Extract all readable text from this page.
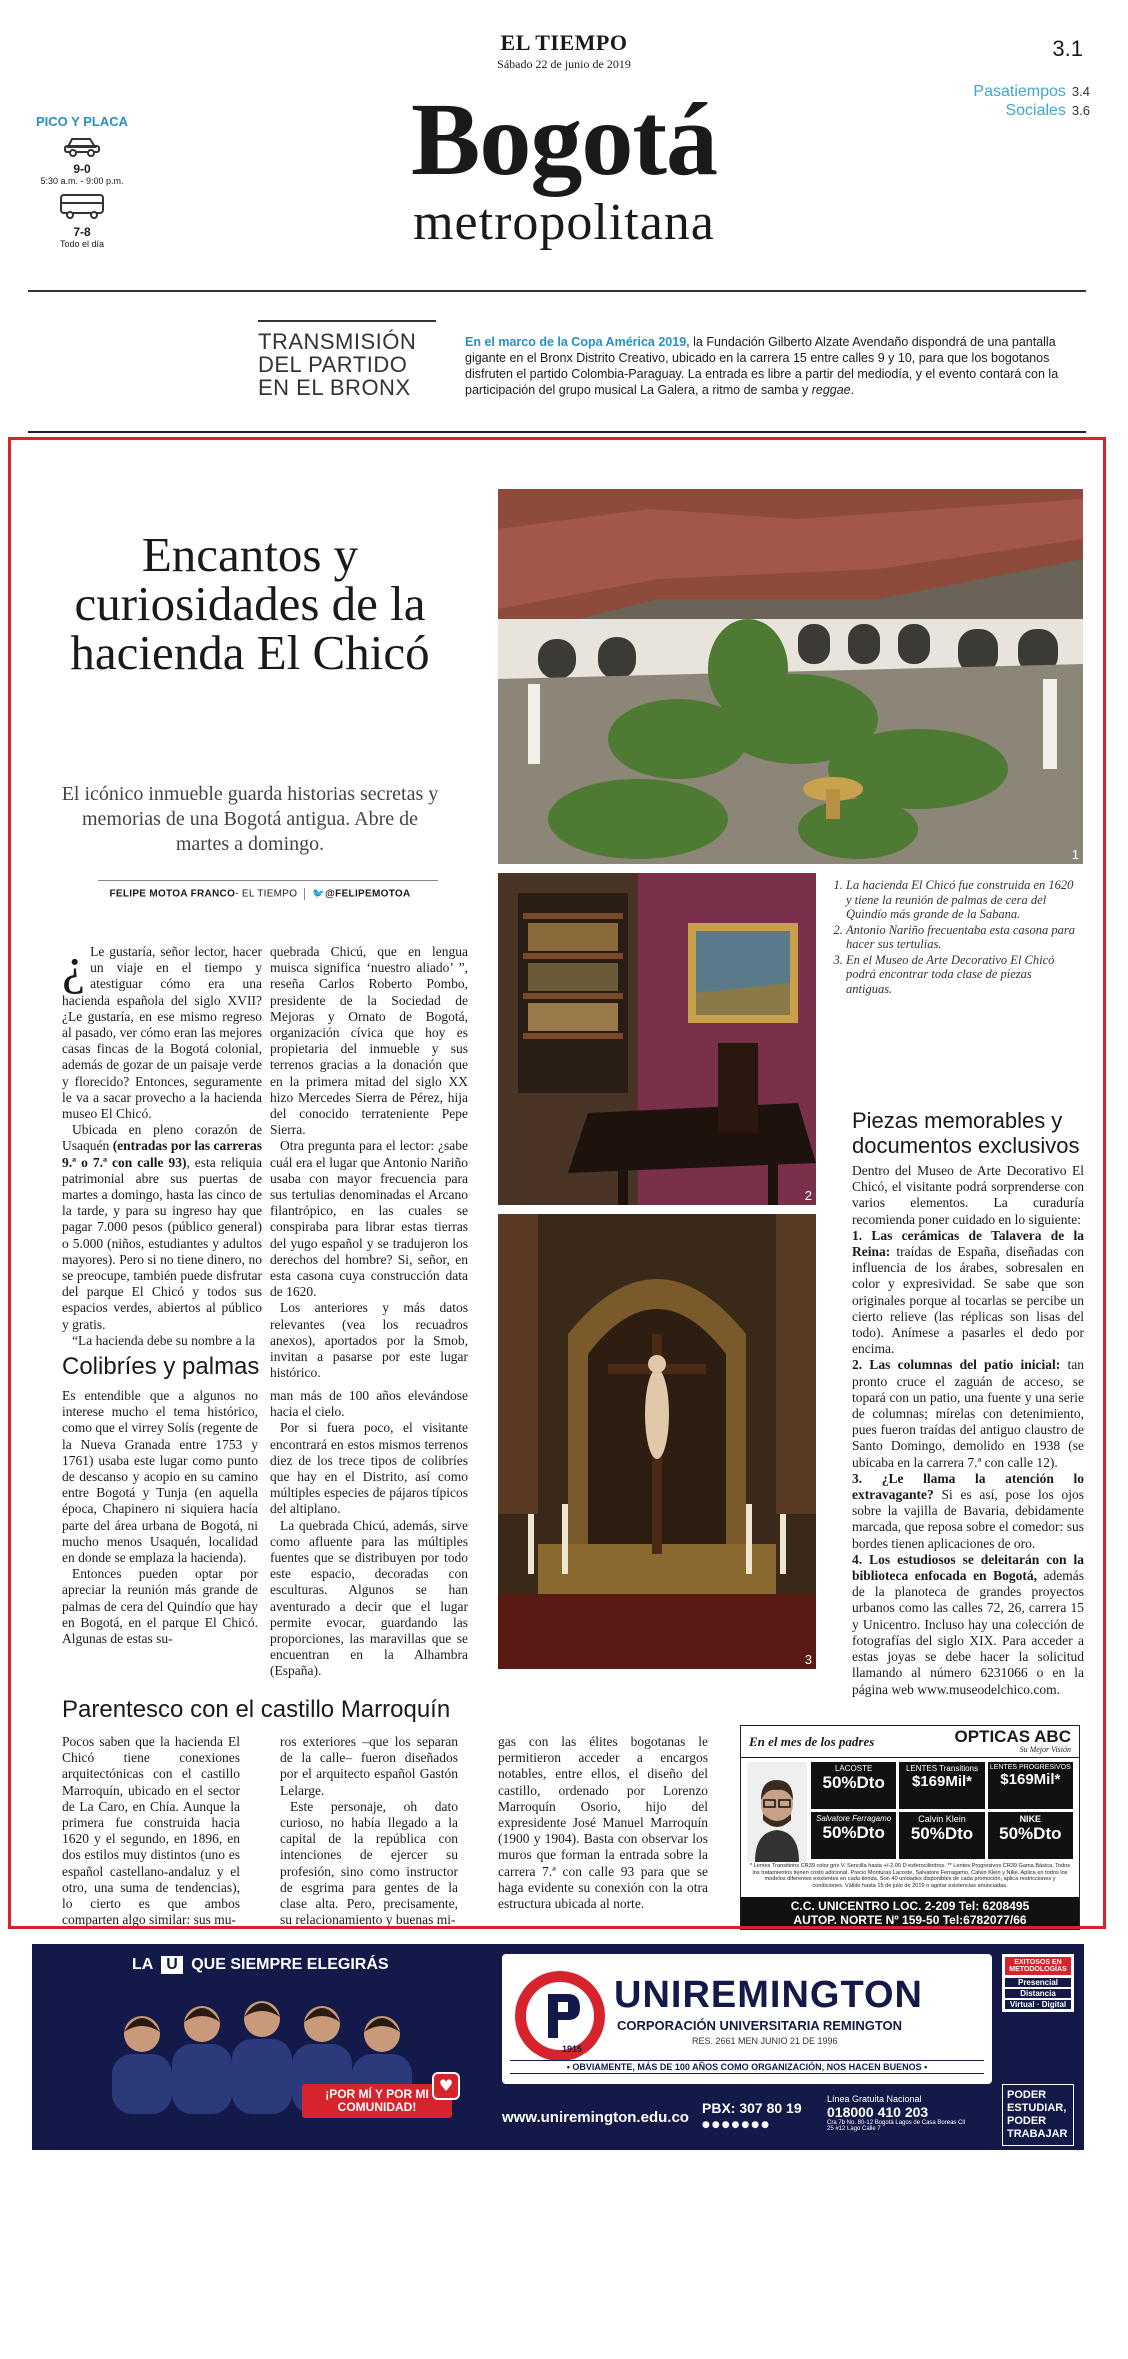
EL TIEMPO
Sábado 22 de junio de 2019
3.1
Pasatiempos 3.4
Sociales 3.6
PICO Y PLACA
9-0
5:30 a.m. - 9:00 p.m.
7-8
Todo el día
Bogotá
metropolitana
TRANSMISIÓN DEL PARTIDO EN EL BRONX
En el marco de la Copa América 2019, la Fundación Gilberto Alzate Avendaño dispondrá de una pantalla gigante en el Bronx Distrito Creativo, ubicado en la carrera 15 entre calles 9 y 10, para que los bogotanos disfruten el partido Colombia-Paraguay. La entrada es libre a partir del mediodía, y el evento contará con la participación del grupo musical La Galera, a ritmo de samba y reggae.
Encantos y curiosidades de la hacienda El Chicó
El icónico inmueble guarda historias secretas y memorias de una Bogotá antigua. Abre de martes a domingo.
FELIPE MOTOA FRANCO- EL TIEMPO 🐦@FELIPEMOTOA

¿ Le gustaría, señor lector, hacer un viaje en el tiempo y atestiguar cómo era una hacienda española del siglo XVII? ¿Le gustaría, en ese mismo regreso al pasado, ver cómo eran las mejores casas fincas de la Bogotá colonial, además de gozar de un paisaje verde y florecido? Entonces, seguramente le va a sacar provecho a la hacienda museo El Chicó.

Ubicada en pleno corazón de Usaquén (entradas por las carreras 9.ª o 7.ª con calle 93), esta reliquia patrimonial abre sus puertas de martes a domingo, hasta las cinco de la tarde, y para su ingreso hay que pagar 7.000 pesos (público general) o 5.000 (niños, estudiantes y adultos mayores). Pero si no tiene dinero, no se preocupe, también puede disfrutar del parque El Chicó y todos sus espacios verdes, abiertos al público y gratis.

“La hacienda debe su nombre a la

quebrada Chicú, que en lengua muisca significa ‘nuestro aliado’ ”, reseña Carlos Roberto Pombo, presidente de la Sociedad de Mejoras y Ornato de Bogotá, organización cívica que hoy es propietaria del inmueble y sus terrenos gracias a la donación que en la primera mitad del siglo XX hizo Mercedes Sierra de Pérez, hija del conocido terrateniente Pepe Sierra.

Otra pregunta para el lector: ¿sabe cuál era el lugar que Antonio Nariño usaba con mayor frecuencia para sus tertulias denominadas el Arcano filantrópico, en las cuales se conspiraba para librar estas tierras del yugo español y se tradujeron los derechos del hombre? Si, señor, en esta casona cuya construcción data de 1620.

Los anteriores y más datos relevantes (vea los recuadros anexos), aportados por la Smob, invitan a pasarse por este lugar histórico.

Colibríes y palmas

Es entendible que a algunos no interese mucho el tema histórico, como que el virrey Solís (regente de la Nueva Granada entre 1753 y 1761) usaba este lugar como punto de descanso y acopio en su camino entre Bogotá y Tunja (en aquella época, Chapinero ni siquiera hacía parte del área urbana de Bogotá, ni mucho menos Usaquén, localidad en donde se emplaza la hacienda).

Entonces pueden optar por apreciar la reunión más grande de palmas de cera del Quindío que hay en Bogotá, en el parque El Chicó. Algunas de estas su-

man más de 100 años elevándose hacia el cielo.

Por si fuera poco, el visitante encontrará en estos mismos terrenos diez de los trece tipos de colibríes que hay en el Distrito, así como múltiples especies de pájaros típicos del altiplano.

La quebrada Chicú, además, sirve como afluente para las múltiples fuentes que se distribuyen por todo este espacio, decoradas con esculturas. Algunos se han aventurado a decir que el lugar permite evocar, guardando las proporciones, las maravillas que se encuentran en la Alhambra (España).

Parentesco con el castillo Marroquín

Pocos saben que la hacienda El Chicó tiene conexiones arquitectónicas con el castillo Marroquín, ubicado en el sector de La Caro, en Chía. Aunque la primera fue construida hacia 1620 y el segundo, en 1896, en dos estilos muy distintos (uno es español castellano-andaluz y el otro, una suma de tendencias), lo cierto es que ambos comparten algo similar: sus mu-

ros exteriores –que los separan de la calle– fueron diseñados por el arquitecto español Gastón Lelarge.

Este personaje, oh dato curioso, no había llegado a la capital de la república con intenciones de ejercer su profesión, sino como instructor de esgrima para gentes de la clase alta. Pero, precisamente, su relacionamiento y buenas mi-

gas con las élites bogotanas le permitieron acceder a encargos notables, entre ellos, el diseño del castillo, ordenado por Lorenzo Marroquín Osorio, hijo del expresidente José Manuel Marroquín (1900 y 1904). Basta con observar los muros que forman la entrada sobre la carrera 7.ª con calle 93 para que se haga evidente su conexión con la otra estructura ubicada al norte.

1
2
3
1. La hacienda El Chicó fue construida en 1620 y tiene la reunión de palmas de cera del Quindío más grande de la Sabana.
2. Antonio Nariño frecuentaba esta casona para hacer sus tertulias.
3. En el Museo de Arte Decorativo El Chicó podrá encontrar toda clase de piezas antiguas.
Piezas memorables y documentos exclusivos

Dentro del Museo de Arte Decorativo El Chicó, el visitante podrá sorprenderse con varios elementos. La curaduría recomienda poner cuidado en lo siguiente:

1. Las cerámicas de Talavera de la Reina: traídas de España, diseñadas con influencia de los árabes, sobresalen en color y expresividad. Se sabe que son originales porque al tocarlas se percibe un cierto relieve (las réplicas son lisas del todo). Anímese a pasarles el dedo por encima.

2. Las columnas del patio inicial: tan pronto cruce el zaguán de acceso, se topará con un patio, una fuente y una serie de columnas; mírelas con detenimiento, pues fueron traídas del antiguo claustro de Santo Domingo, demolido en 1938 (se ubicaba en la carrera 7.ª con calle 12).

3. ¿Le llama la atención lo extravagante? Si es así, pose los ojos sobre la vajilla de Bavaria, debidamente marcada, que reposa sobre el comedor: sus bordes tienen aplicaciones de oro.

4. Los estudiosos se deleitarán con la biblioteca enfocada en Bogotá, además de la planoteca de grandes proyectos urbanos como las calles 72, 26, carrera 15 y Unicentro. Incluso hay una colección de fotografías del siglo XIX. Para acceder a estas joyas se debe hacer la solicitud llamando al número 6231066 o en la página web www.museodelchico.com.

En el mes de los padres	OPTICAS ABC
Su Mejor Visión
LACOSTE
50%Dto
LENTES Transitions
$169Mil*
LENTES PROGRESIVOS
$169Mil*
Salvatore Ferragamo
50%Dto
Calvin Klein
50%Dto
NIKE
50%Dto
* Lentes Transitions CR39 color gris V. Sencilla hasta +/-2.00 D esferocilindros. ** Lentes Progresivos CR39 Gama Básica. Todos los tratamientos tienen costo adicional. Precio Monturas Lacoste, Salvatore Ferragamo, Calvin Klein y Nike. Aplica en todos los modelos diferentes existentes en cada tienda. Son 40 unidades disponibles de cada promoción, aplica restricciones y condiciones. Válido hasta 15 de julio de 2019 o agotar existencias anunciadas.
C.C. UNICENTRO LOC. 2-209 Tel: 6208495
AUTOP. NORTE Nº 159-50 Tel:6782077/66
LA U QUE SIEMPRE ELEGIRÁS
¡POR MÍ Y POR MI COMUNIDAD!
♥
1915
UNIREMINGTON
CORPORACIÓN UNIVERSITARIA REMINGTON
RES. 2661 MEN JUNIO 21 DE 1996
• OBVIAMENTE, MÁS DE 100 AÑOS COMO ORGANIZACIÓN, NOS HACEN BUENOS •
www.uniremington.edu.co
PBX: 307 80 19
●●●●●●●
Línea Gratuita Nacional
018000 410 203
Cra 7b No. 80-12 Bogotá Lagos de Casa Boreas Cll 25 #12 Lago Calle 7
EXITOSOS EN METODOLOGÍAS
Presencial
Distancia
Virtual · Digital
PODER ESTUDIAR, PODER TRABAJAR
